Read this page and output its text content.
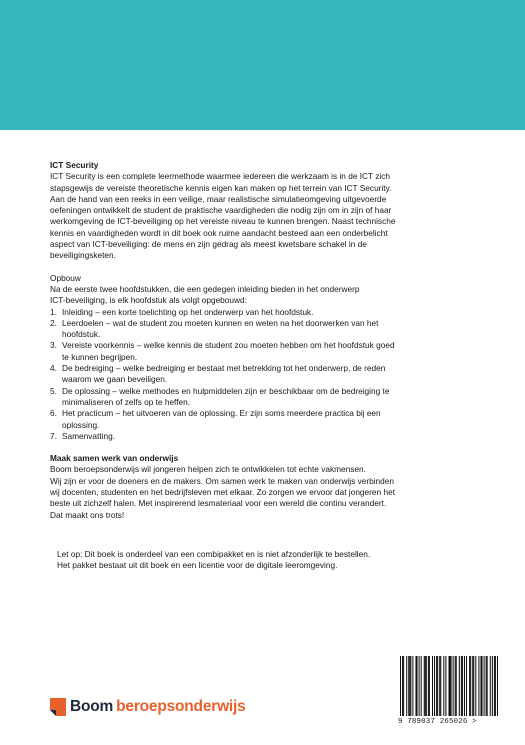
ICT Security
ICT Security is een complete leermethode waarmee iedereen die werkzaam is in de ICT zich
stapsgewijs de vereiste theoretische kennis eigen kan maken op het terrein van ICT Security.
Aan de hand van een reeks in een veilige, maar realistische simulatieomgeving uitgevoerde
oefeningen ontwikkelt de student de praktische vaardigheden die nodig zijn om in zijn of haar
werkomgeving de ICT-beveiliging op het vereiste niveau te kunnen brengen. Naast technische
kennis en vaardigheden wordt in dit boek ook ruime aandacht besteed aan een onderbelicht
aspect van ICT-beveiliging: de mens en zijn gedrag als meest kwetsbare schakel in de
beveiligingsketen.
Opbouw
Na de eerste twee hoofdstukken, die een gedegen inleiding bieden in het onderwerp
ICT-beveiliging, is elk hoofdstuk als volgt opgebouwd:
1. Inleiding – een korte toelichting op het onderwerp van het hoofdstuk.
2. Leerdoelen – wat de student zou moeten kunnen en weten na het doorwerken van het
hoofdstuk.
3. Vereiste voorkennis – welke kennis de student zou moeten hebben om het hoofdstuk goed
te kunnen begrijpen.
4. De bedreiging – welke bedreiging er bestaat met betrekking tot het onderwerp, de reden
waarom we gaan beveiligen.
5. De oplossing – welke methodes en hulpmiddelen zijn er beschikbaar om de bedreiging te
minimaliseren of zelfs op te heffen.
6. Het practicum – het uitvoeren van de oplossing. Er zijn soms meerdere practica bij een
oplossing.
7. Samenvatting.
Maak samen werk van onderwijs
Boom beroepsonderwijs wil jongeren helpen zich te ontwikkelen tot echte vakmensen.
Wij zijn er voor de doeners en de makers. Om samen werk te maken van onderwijs verbinden
wij docenten, studenten en het bedrijfsleven met elkaar. Zo zorgen we ervoor dat jongeren het
beste uit zichzelf halen. Met inspirerend lesmateriaal voor een wereld die continu verandert.
Dat maakt ons trots!
Let op: Dit boek is onderdeel van een combipakket en is niet afzonderlijk te bestellen.
Het pakket bestaat uit dit boek en een licentie voor de digitale leeromgeving.
Boom beroepsonderwijs
9 789037 265026 >
